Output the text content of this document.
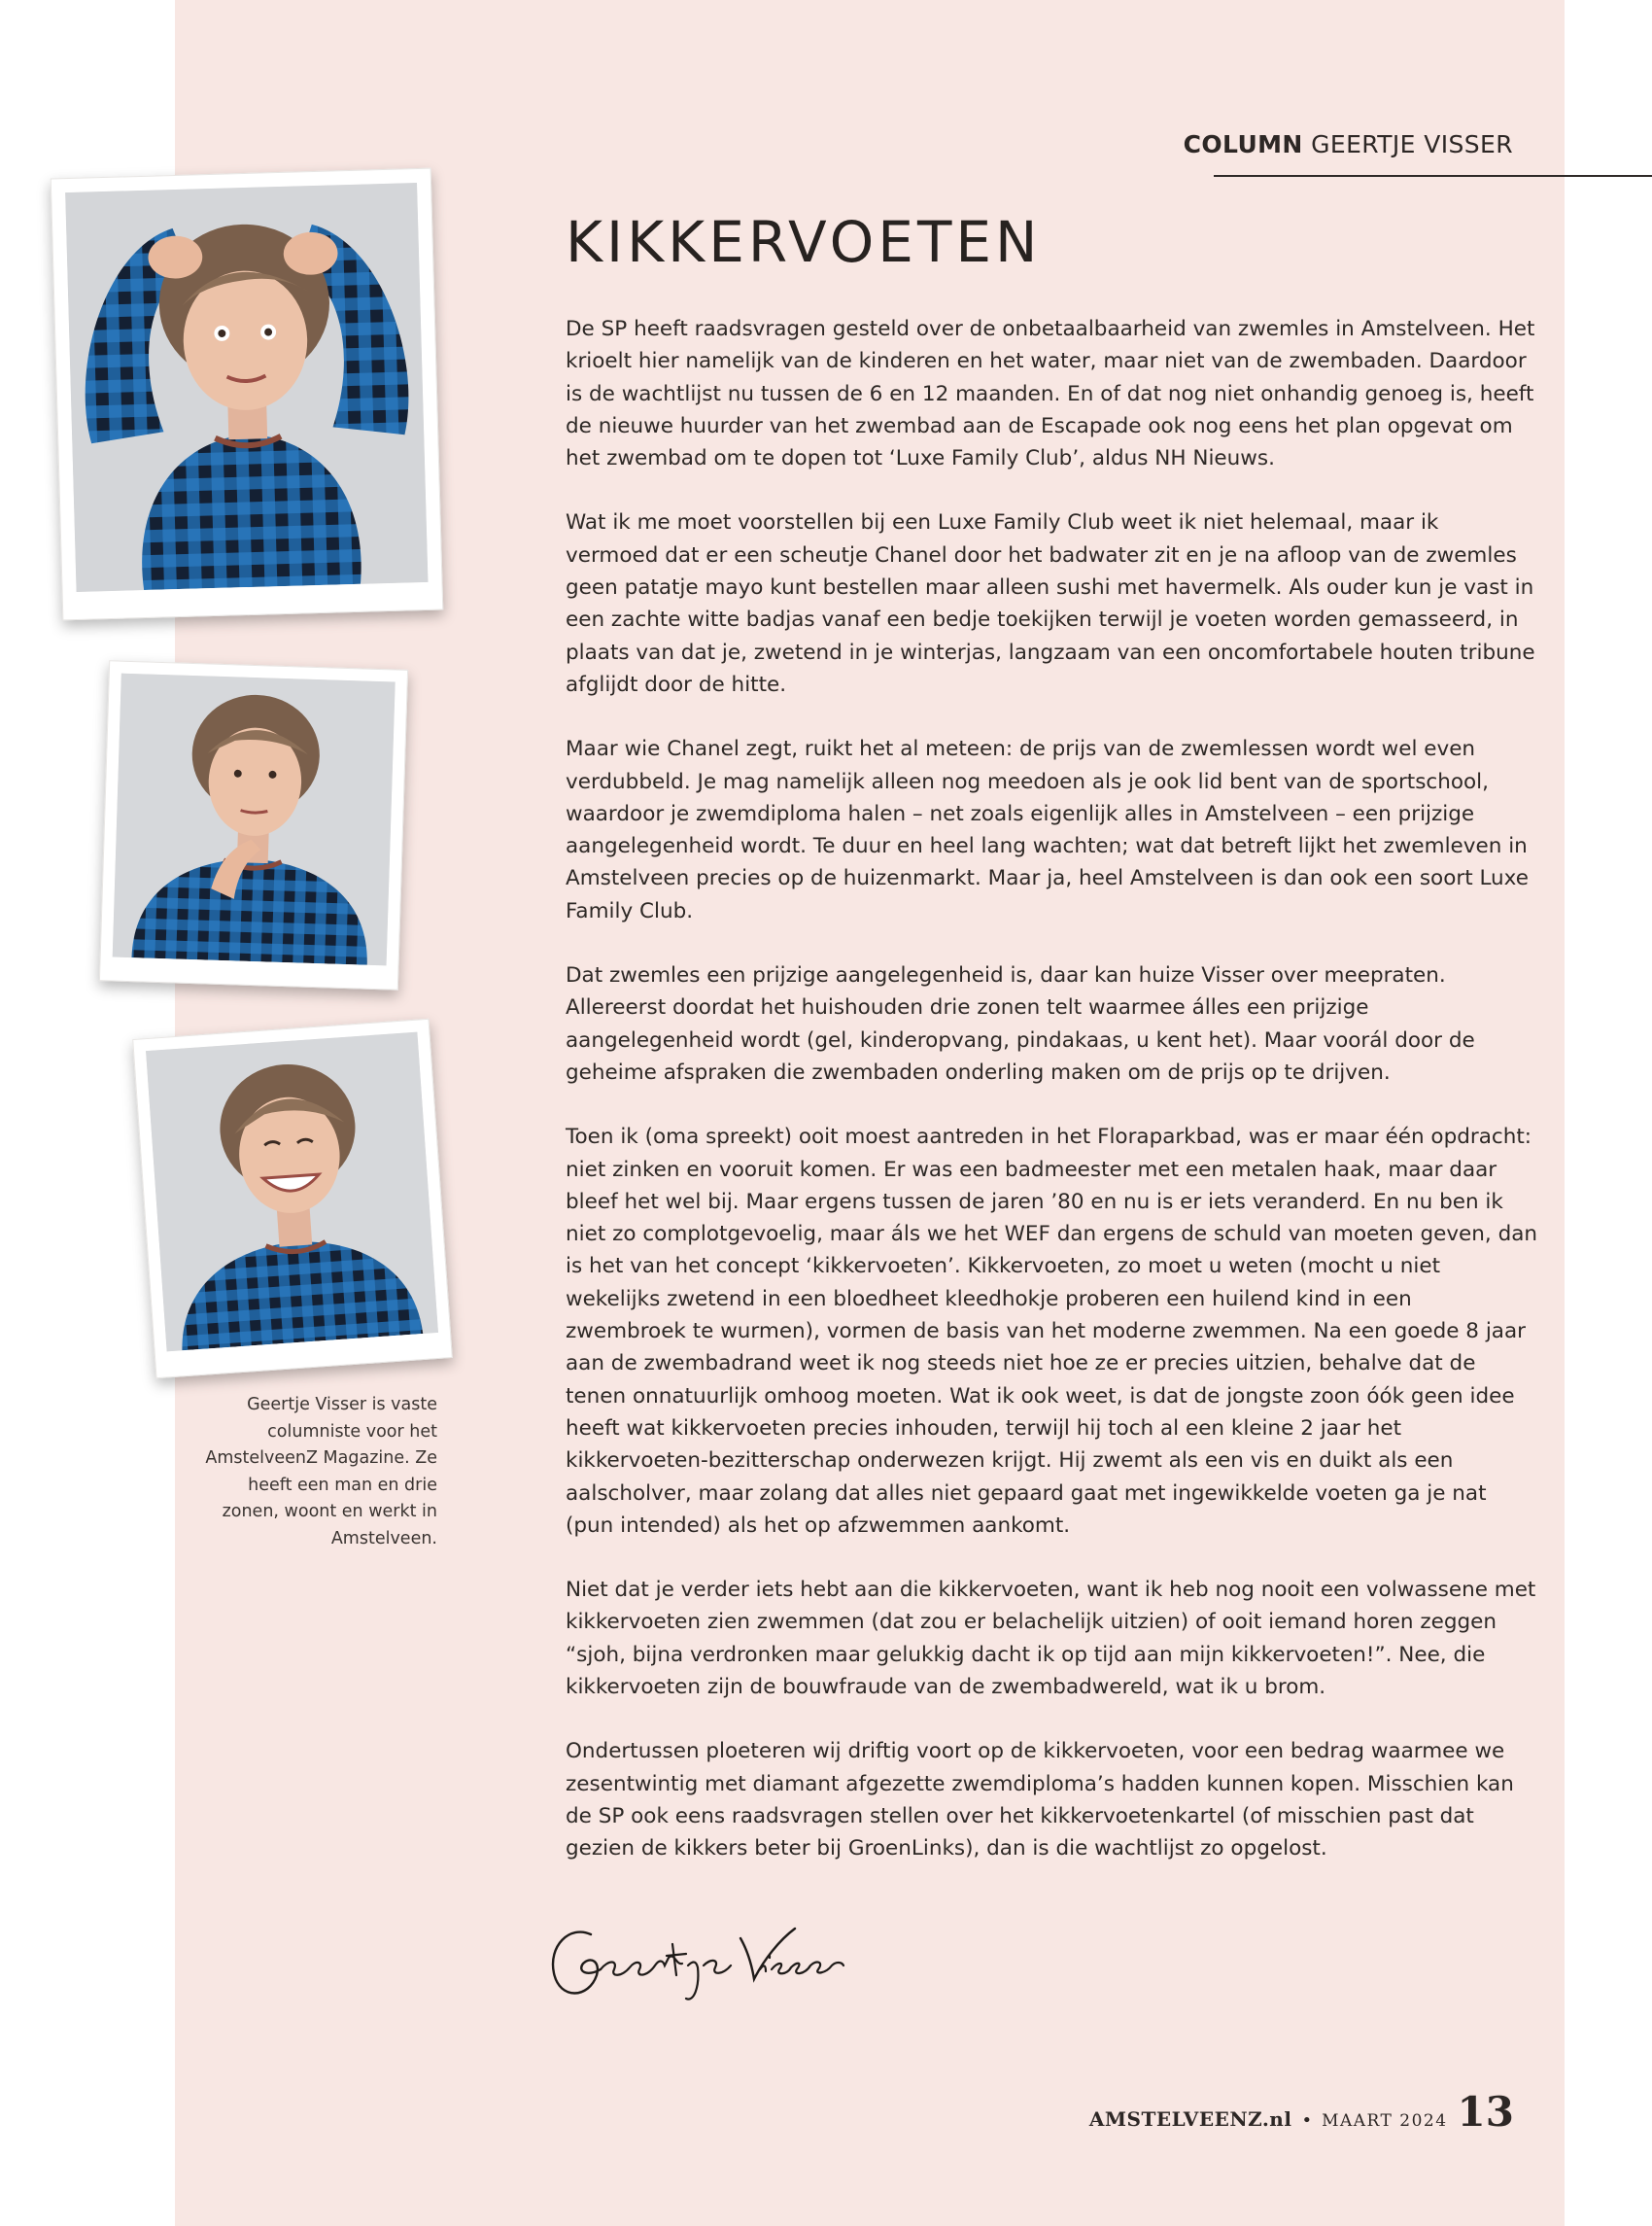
COLUMN GEERTJE VISSER
KIKKERVOETEN

De SP heeft raadsvragen gesteld over de onbetaalbaarheid van zwemles in Amstelveen. Het krioelt hier namelijk van de kinderen en het water, maar niet van de zwembaden. Daardoor is de wachtlijst nu tussen de 6 en 12 maanden. En of dat nog niet onhandig genoeg is, heeft de nieuwe huurder van het zwembad aan de Escapade ook nog eens het plan opgevat om het zwembad om te dopen tot ‘Luxe Family Club’, aldus NH Nieuws.

Wat ik me moet voorstellen bij een Luxe Family Club weet ik niet helemaal, maar ik vermoed dat er een scheutje Chanel door het badwater zit en je na afloop van de zwemles geen patatje mayo kunt bestellen maar alleen sushi met havermelk. Als ouder kun je vast in een zachte witte badjas vanaf een bedje toekijken terwijl je voeten worden gemasseerd, in plaats van dat je, zwetend in je winterjas, langzaam van een oncomfortabele houten tribune afglijdt door de hitte.

Maar wie Chanel zegt, ruikt het al meteen: de prijs van de zwemlessen wordt wel even verdubbeld. Je mag namelijk alleen nog meedoen als je ook lid bent van de sportschool, waardoor je zwemdiploma halen – net zoals eigenlijk alles in Amstelveen – een prijzige aangelegenheid wordt. Te duur en heel lang wachten; wat dat betreft lijkt het zwemleven in Amstelveen precies op de huizenmarkt. Maar ja, heel Amstelveen is dan ook een soort Luxe Family Club.

Dat zwemles een prijzige aangelegenheid is, daar kan huize Visser over meepraten. Allereerst doordat het huishouden drie zonen telt waarmee álles een prijzige aangelegenheid wordt (gel, kinderopvang, pindakaas, u kent het). Maar voorál door de geheime afspraken die zwembaden onderling maken om de prijs op te drijven.

Toen ik (oma spreekt) ooit moest aantreden in het Floraparkbad, was er maar één opdracht: niet zinken en vooruit komen. Er was een badmeester met een metalen haak, maar daar bleef het wel bij. Maar ergens tussen de jaren ’80 en nu is er iets veranderd. En nu ben ik niet zo complotgevoelig, maar áls we het WEF dan ergens de schuld van moeten geven, dan is het van het concept ‘kikkervoeten’. Kikkervoeten, zo moet u weten (mocht u niet wekelijks zwetend in een bloedheet kleedhokje proberen een huilend kind in een zwembroek te wurmen), vormen de basis van het moderne zwemmen. Na een goede 8 jaar aan de zwembadrand weet ik nog steeds niet hoe ze er precies uitzien, behalve dat de tenen onnatuurlijk omhoog moeten. Wat ik ook weet, is dat de jongste zoon óók geen idee heeft wat kikkervoeten precies inhouden, terwijl hij toch al een kleine 2 jaar het kikkervoeten-bezitterschap onderwezen krijgt. Hij zwemt als een vis en duikt als een aalscholver, maar zolang dat alles niet gepaard gaat met ingewikkelde voeten ga je nat (pun intended) als het op afzwemmen aankomt.

Niet dat je verder iets hebt aan die kikkervoeten, want ik heb nog nooit een volwassene met kikkervoeten zien zwemmen (dat zou er belachelijk uitzien) of ooit iemand horen zeggen “sjoh, bijna verdronken maar gelukkig dacht ik op tijd aan mijn kikkervoeten!”. Nee, die kikkervoeten zijn de bouwfraude van de zwembadwereld, wat ik u brom.

Ondertussen ploeteren wij driftig voort op de kikkervoeten, voor een bedrag waarmee we zesentwintig met diamant afgezette zwemdiploma’s hadden kunnen kopen. Misschien kan de SP ook eens raadsvragen stellen over het kikkervoetenkartel (of misschien past dat gezien de kikkers beter bij GroenLinks), dan is die wachtlijst zo opgelost.

Geertje Visser is vaste columniste voor het AmstelveenZ Magazine. Ze heeft een man en drie zonen, woont en werkt in Amstelveen.

AMSTELVEENZ.nl • MAART 2024 13
